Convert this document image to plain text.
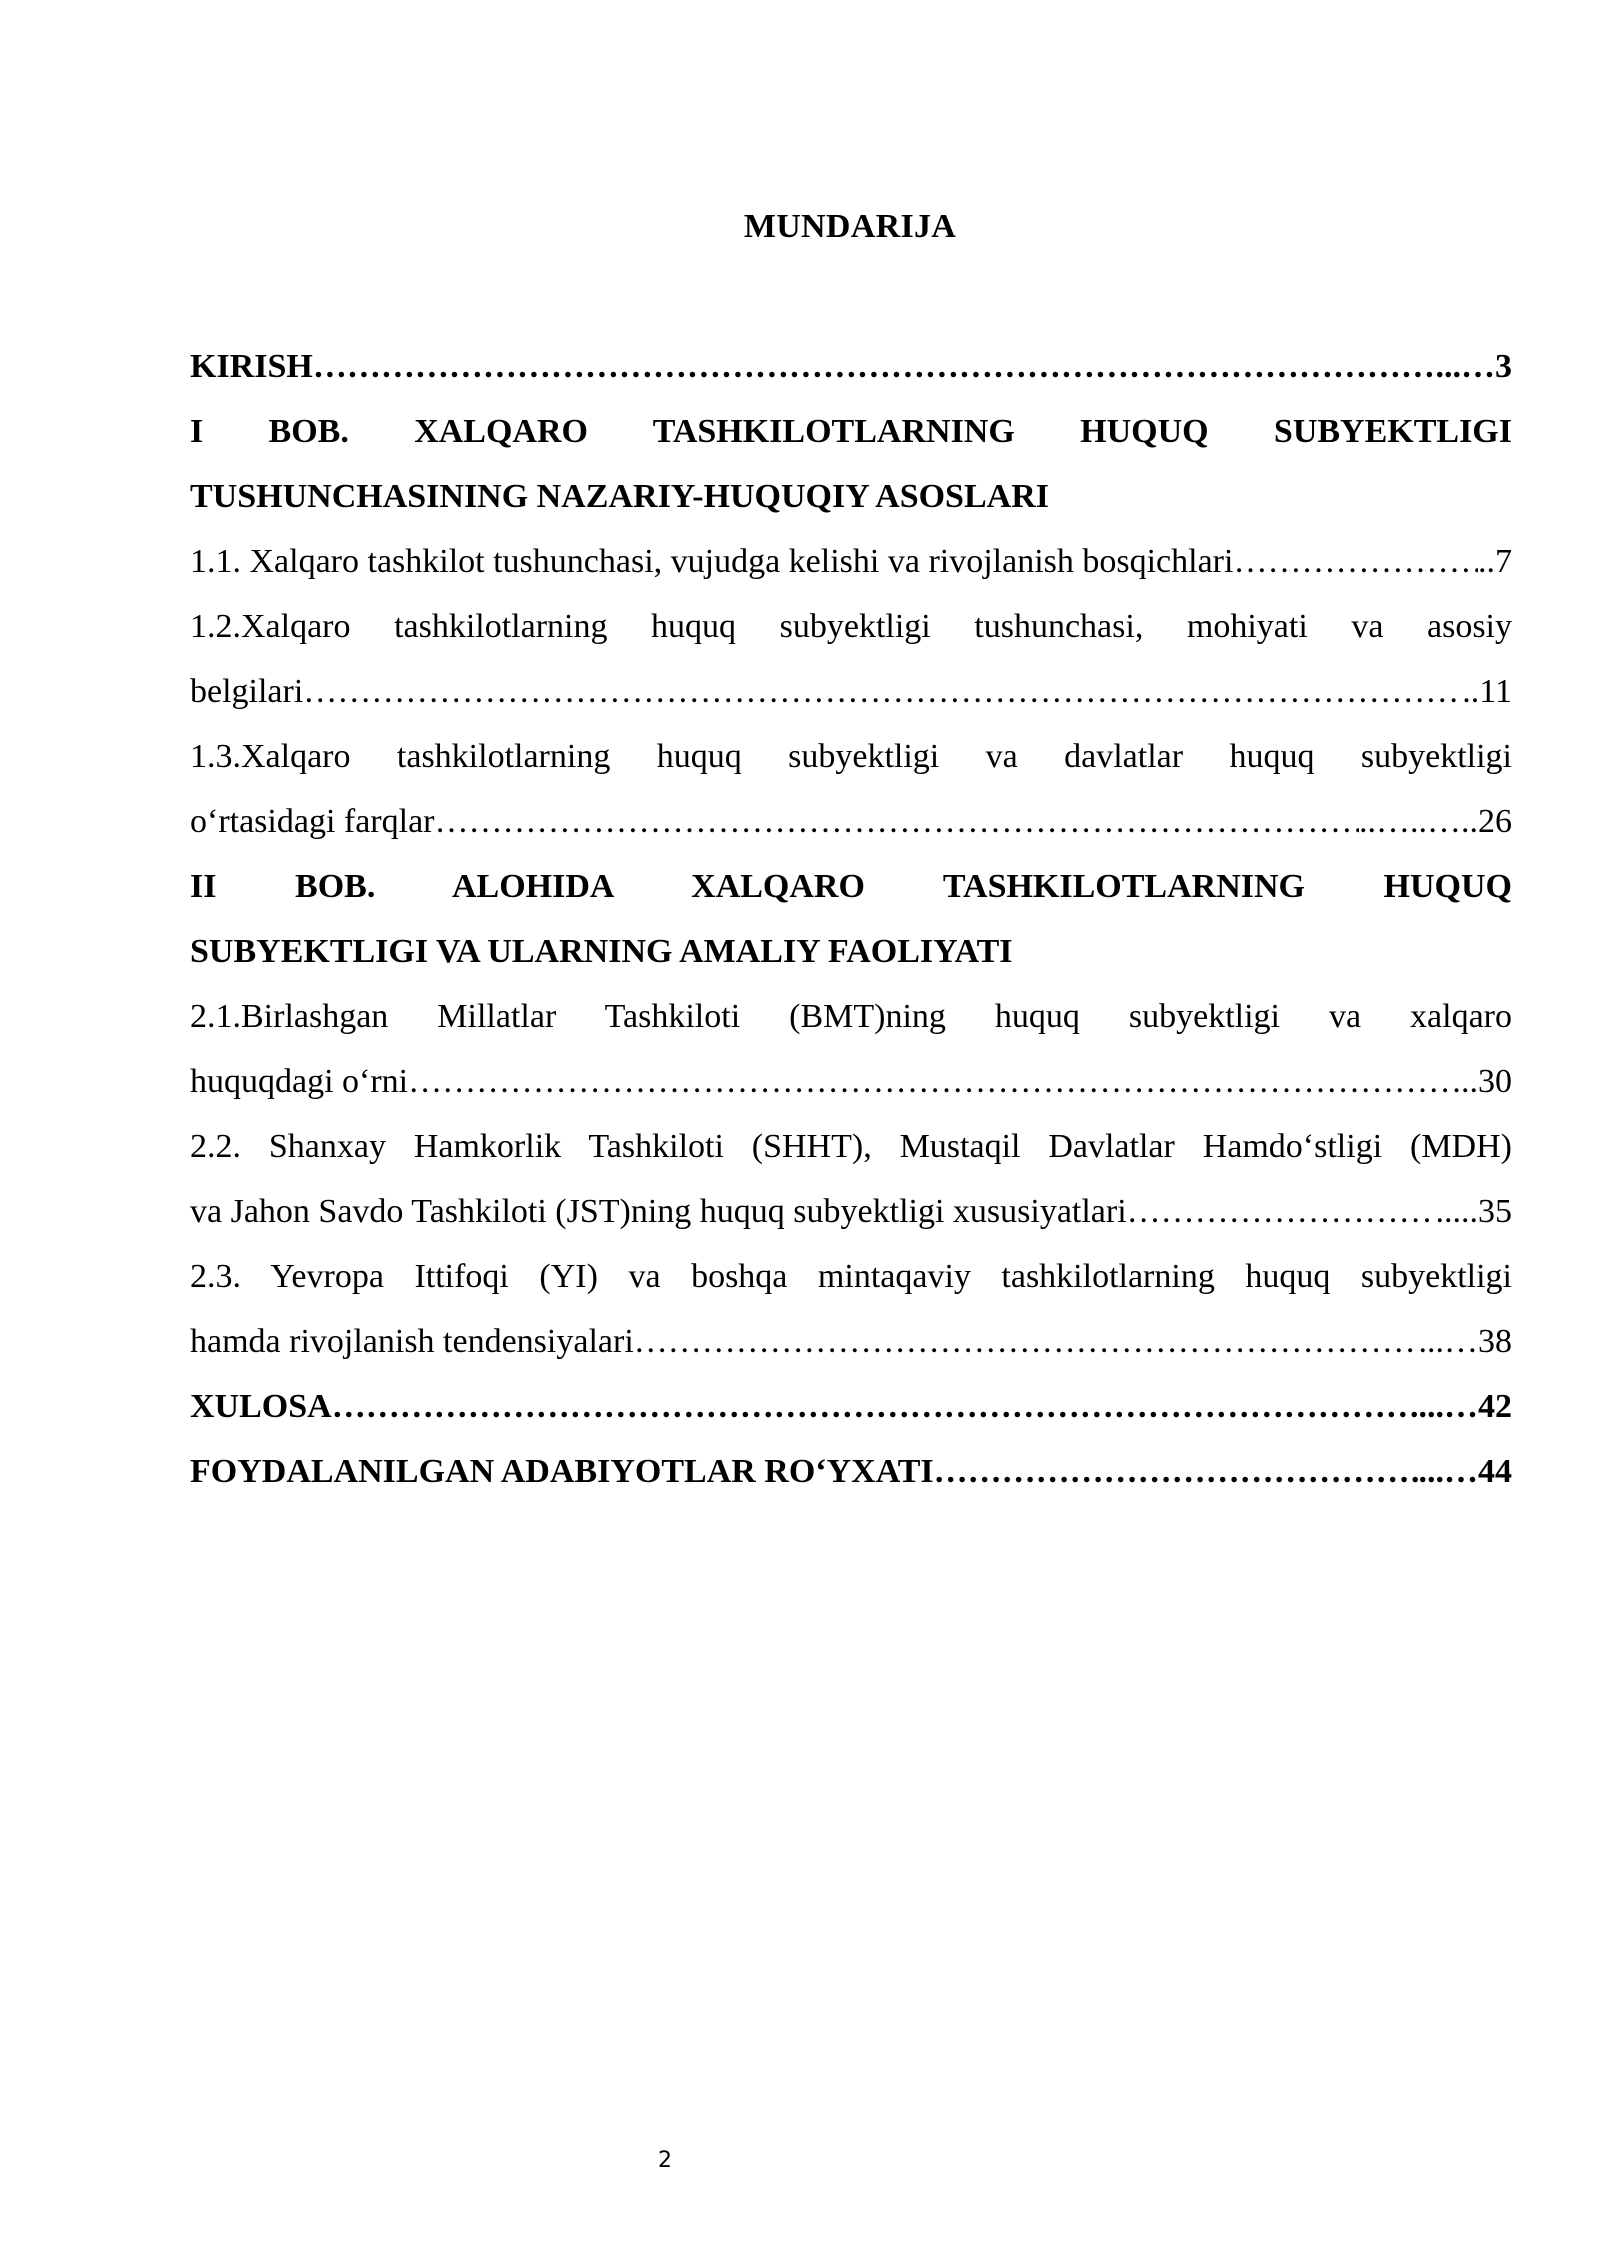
MUNDARIJA
KIRISH ………………………………………………………………………………………………………………………………………………………………………………………………………………………………	...…3
I BOB. XALQARO TASHKILOTLARNING HUQUQ SUBYEKTLIGI
TUSHUNCHASINING NAZARIY-HUQUQIY ASOSLARI
1.1. Xalqaro tashkilot tushunchasi, vujudga kelishi va rivojlanish bosqichlari ………………………………………………………………………………………………………………………………………………………………………………………………………………………………	..7
1.2.Xalqaro tashkilotlarning huquq subyektligi tushunchasi, mohiyati va asosiy
belgilari ………………………………………………………………………………………………………………………………………………………………………………………………………………………………	..11
1.3.Xalqaro tashkilotlarning huquq subyektligi va davlatlar huquq subyektligi
o‘rtasidagi farqlar ………………………………………………………………………………………………………………………………………………………………………………………………………………………………	..…..…..26
II BOB. ALOHIDA XALQARO TASHKILOTLARNING HUQUQ
SUBYEKTLIGI VA ULARNING AMALIY FAOLIYATI
2.1.Birlashgan Millatlar Tashkiloti (BMT)ning huquq subyektligi va xalqaro
huquqdagi o‘rni ………………………………………………………………………………………………………………………………………………………………………………………………………………………………	..30
2.2. Shanxay Hamkorlik Tashkiloti (SHHT), Mustaqil Davlatlar Hamdo‘stligi (MDH)
va Jahon Savdo Tashkiloti (JST)ning huquq subyektligi xususiyatlari ………………………………………………………………………………………………………………………………………………………………………………………………………………………………	.....35
2.3. Yevropa Ittifoqi (YI) va boshqa mintaqaviy tashkilotlarning huquq subyektligi
hamda rivojlanish tendensiyalari ………………………………………………………………………………………………………………………………………………………………………………………………………………………………	...…38
XULOSA ………………………………………………………………………………………………………………………………………………………………………………………………………………………………	...…42
FOYDALANILGAN ADABIYOTLAR RO‘YXATI ………………………………………………………………………………………………………………………………………………………………………………………………………………………………	...…44
2
